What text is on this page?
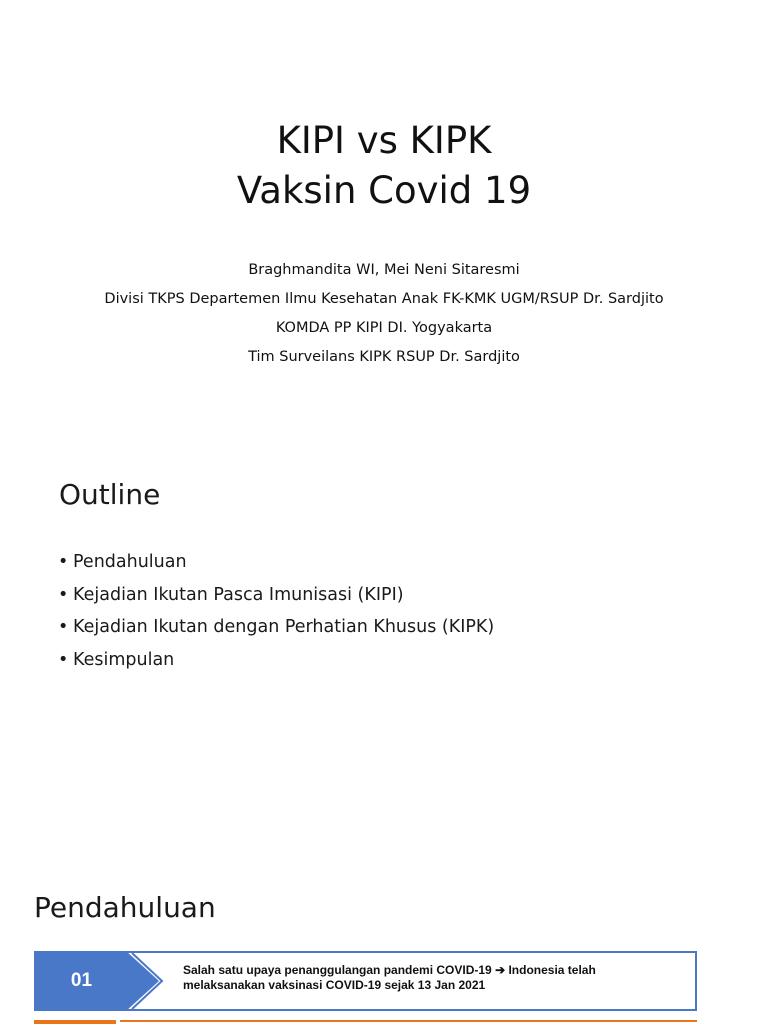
KIPI vs KIPK
Vaksin Covid 19

Braghmandita WI, Mei Neni Sitaresmi

Divisi TKPS Departemen Ilmu Kesehatan Anak FK-KMK UGM/RSUP Dr. Sardjito

KOMDA PP KIPI DI. Yogyakarta

Tim Surveilans KIPK RSUP Dr. Sardjito

Outline
• Pendahuluan
• Kejadian Ikutan Pasca Imunisasi (KIPI)
• Kejadian Ikutan dengan Perhatian Khusus (KIPK)
• Kesimpulan
Pendahuluan
01	Salah satu upaya penanggulangan pandemi COVID-19 ➔ Indonesia telah
melaksanakan vaksinasi COVID-19 sejak 13 Jan 2021
